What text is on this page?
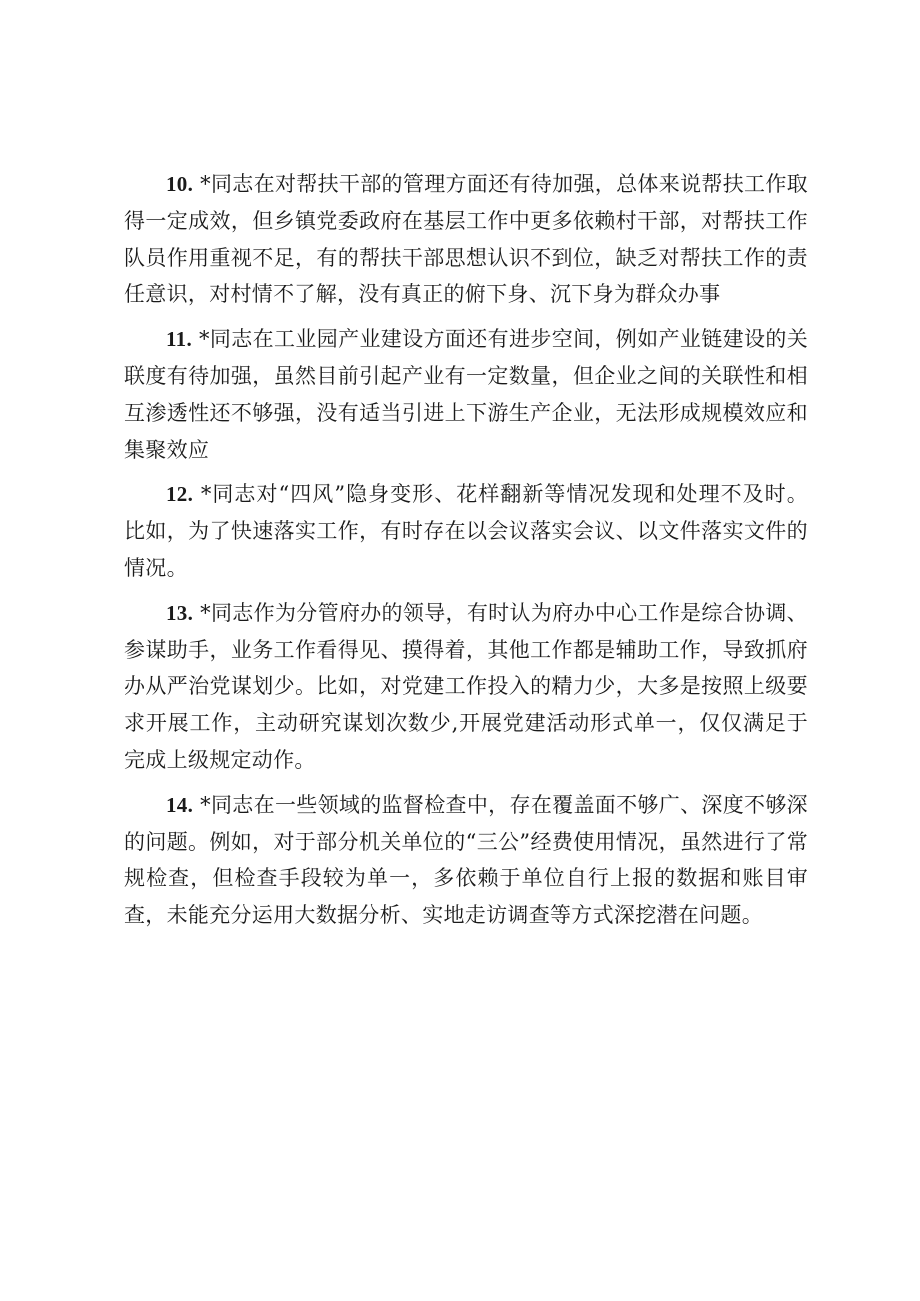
10. *同志在对帮扶干部的管理方面还有待加强，总体来说帮扶工作取得一定成效，但乡镇党委政府在基层工作中更多依赖村干部，对帮扶工作队员作用重视不足，有的帮扶干部思想认识不到位，缺乏对帮扶工作的责任意识，对村情不了解，没有真正的俯下身、沉下身为群众办事

11. *同志在工业园产业建设方面还有进步空间，例如产业链建设的关联度有待加强，虽然目前引起产业有一定数量，但企业之间的关联性和相互渗透性还不够强，没有适当引进上下游生产企业，无法形成规模效应和集聚效应

12. *同志对“四风”隐身变形、花样翻新等情况发现和处理不及时。比如，为了快速落实工作，有时存在以会议落实会议、以文件落实文件的情况。

13. *同志作为分管府办的领导，有时认为府办中心工作是综合协调、参谋助手，业务工作看得见、摸得着，其他工作都是辅助工作，导致抓府办从严治党谋划少。比如，对党建工作投入的精力少，大多是按照上级要求开展工作，主动研究谋划次数少,开展党建活动形式单一，仅仅满足于完成上级规定动作。

14. *同志在一些领域的监督检查中，存在覆盖面不够广、深度不够深的问题。例如，对于部分机关单位的“三公”经费使用情况，虽然进行了常规检查，但检查手段较为单一，多依赖于单位自行上报的数据和账目审查，未能充分运用大数据分析、实地走访调查等方式深挖潜在问题。
